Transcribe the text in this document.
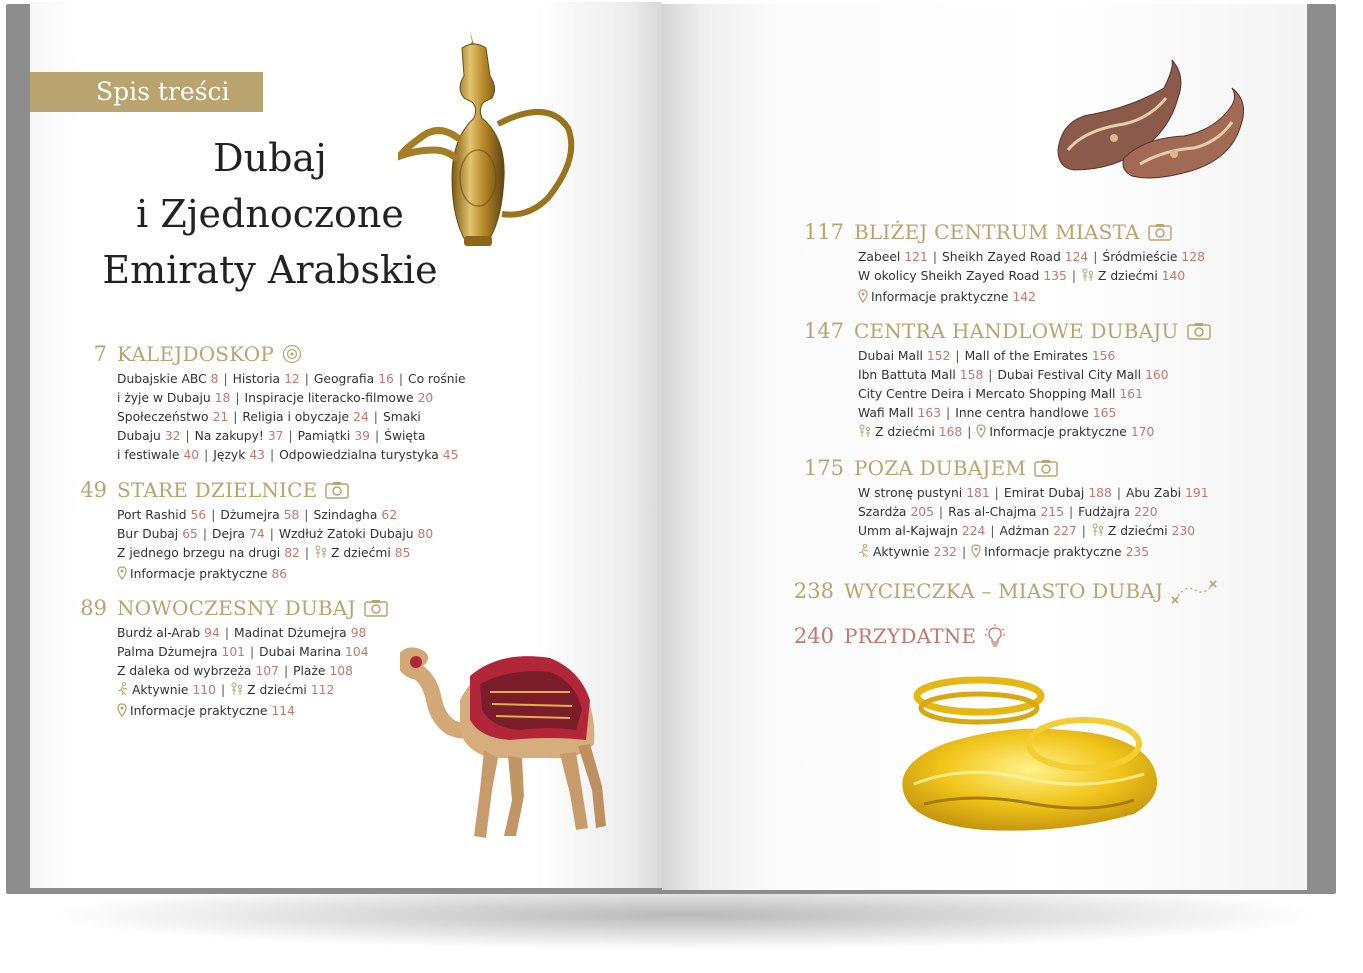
Spis treści
Dubaj
i Zjednoczone
Emiraty Arabskie
7 KALEJDOSKOP
Dubajskie ABC 8 | Historia 12 | Geografia 16 | Co rośnie
i żyje w Dubaju 18 | Inspiracje literacko-filmowe 20
Społeczeństwo 21 | Religia i obyczaje 24 | Smaki
Dubaju 32 | Na zakupy! 37 | Pamiątki 39 | Święta
i festiwale 40 | Język 43 | Odpowiedzialna turystyka 45
49 STARE DZIELNICE
Port Rashid 56 | Dżumejra 58 | Szindagha 62
Bur Dubaj 65 | Dejra 74 | Wzdłuż Zatoki Dubaju 80
Z jednego brzegu na drugi 82 | Z dziećmi 85
Informacje praktyczne 86
89 NOWOCZESNY DUBAJ
Burdż al-Arab 94 | Madinat Dżumejra 98
Palma Dżumejra 101 | Dubai Marina 104
Z daleka od wybrzeża 107 | Plaże 108
Aktywnie 110 | Z dziećmi 112
Informacje praktyczne 114
117 BLIŻEJ CENTRUM MIASTA
Zabeel 121 | Sheikh Zayed Road 124 | Śródmieście 128
W okolicy Sheikh Zayed Road 135 | Z dziećmi 140
Informacje praktyczne 142
147 CENTRA HANDLOWE DUBAJU
Dubai Mall 152 | Mall of the Emirates 156
Ibn Battuta Mall 158 | Dubai Festival City Mall 160
City Centre Deira i Mercato Shopping Mall 161
Wafi Mall 163 | Inne centra handlowe 165
Z dziećmi 168 | Informacje praktyczne 170
175 POZA DUBAJEM
W stronę pustyni 181 | Emirat Dubaj 188 | Abu Zabi 191
Szardża 205 | Ras al-Chajma 215 | Fudżajra 220
Umm al-Kajwajn 224 | Adżman 227 | Z dziećmi 230
Aktywnie 232 | Informacje praktyczne 235
238 WYCIECZKA – MIASTO DUBAJ
240 PRZYDATNE
